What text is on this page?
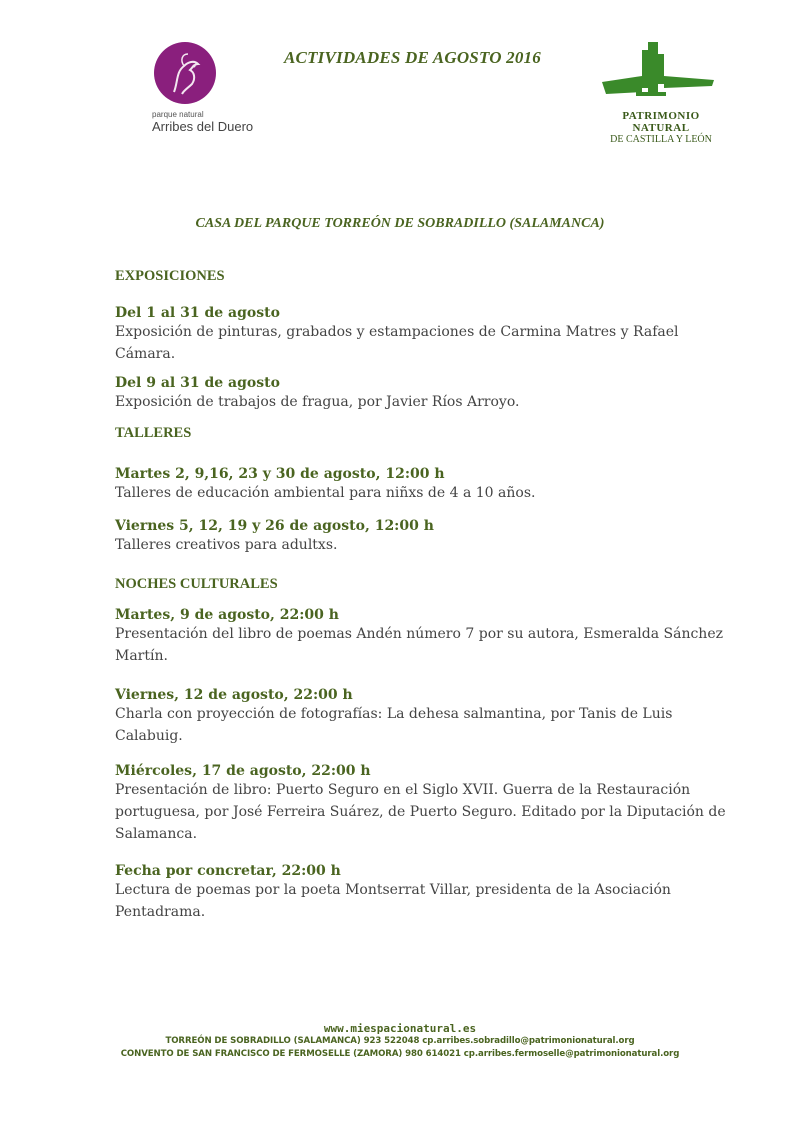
parque natural
Arribes del Duero
ACTIVIDADES DE AGOSTO 2016
PATRIMONIO NATURAL
DE CASTILLA Y LEÓN
CASA DEL PARQUE TORREÓN DE SOBRADILLO (SALAMANCA)
EXPOSICIONES
Del 1 al 31 de agosto
Exposición de pinturas, grabados y estampaciones de Carmina Matres y Rafael Cámara.
Del 9 al 31 de agosto
Exposición de trabajos de fragua, por Javier Ríos Arroyo.
TALLERES
Martes 2, 9,16, 23 y 30 de agosto, 12:00 h
Talleres de educación ambiental para niñxs de 4 a 10 años.
Viernes 5, 12, 19 y 26 de agosto, 12:00 h
Talleres creativos para adultxs.
NOCHES CULTURALES
Martes, 9 de agosto, 22:00 h
Presentación del libro de poemas Andén número 7 por su autora, Esmeralda Sánchez Martín.
Viernes, 12 de agosto, 22:00 h
Charla con proyección de fotografías: La dehesa salmantina, por Tanis de Luis Calabuig.
Miércoles, 17 de agosto, 22:00 h
Presentación de libro: Puerto Seguro en el Siglo XVII. Guerra de la Restauración portuguesa, por José Ferreira Suárez, de Puerto Seguro. Editado por la Diputación de Salamanca.
Fecha por concretar, 22:00 h
Lectura de poemas por la poeta Montserrat Villar, presidenta de la Asociación Pentadrama.
www.miespacionatural.es
TORREÓN DE SOBRADILLO (SALAMANCA) 923 522048 cp.arribes.sobradillo@patrimonionatural.org
CONVENTO DE SAN FRANCISCO DE FERMOSELLE (ZAMORA) 980 614021 cp.arribes.fermoselle@patrimonionatural.org
